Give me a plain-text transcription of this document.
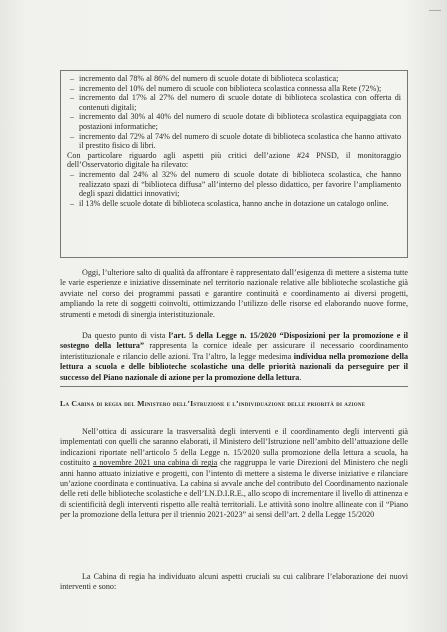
– incremento dal 78% al 86% del numero di scuole dotate di biblioteca scolastica;
– incremento del 10% del numero di scuole con biblioteca scolastica connessa alla Rete (72%);
– incremento dal 17% al 27% del numero di scuole dotate di biblioteca scolastica con offerta di contenuti digitali;
– incremento dal 30% al 40% del numero di scuole dotate di biblioteca scolastica equipaggiata con postazioni informatiche;
– incremento dal 72% al 74% del numero di scuole dotate di biblioteca scolastica che hanno attivato il prestito fisico di libri.

Con particolare riguardo agli aspetti più critici dell’azione #24 PNSD, il monitoraggio dell’Osservatorio digitale ha rilevato:

– incremento dal 24% al 32% del numero di scuole dotate di biblioteca scolastica, che hanno realizzato spazi di “biblioteca diffusa” all’interno del plesso didattico, per favorire l’ampliamento degli spazi didattici innovativi;
– il 13% delle scuole dotate di biblioteca scolastica, hanno anche in dotazione un catalogo online.

Oggi, l’ulteriore salto di qualità da affrontare è rappresentato dall’esigenza di mettere a sistema tutte le varie esperienze e iniziative disseminate nel territorio nazionale relative alle biblioteche scolastiche già avviate nel corso dei programmi passati e garantire continuità e coordinamento ai diversi progetti, ampliando la rete di soggetti coinvolti, ottimizzando l’utilizzo delle risorse ed elaborando nuove forme, strumenti e metodi di sinergia interistituzionale.

Da questo punto di vista l’art. 5 della Legge n. 15/2020 “Disposizioni per la promozione e il sostegno della lettura” rappresenta la cornice ideale per assicurare il necessario coordinamento interistituzionale e rilancio delle azioni. Tra l’altro, la legge medesima individua nella promozione della lettura a scuola e delle biblioteche scolastiche una delle priorità nazionali da perseguire per il successo del Piano nazionale di azione per la promozione della lettura.

La Cabina di regia del Ministero dell’Istruzione e l’individuazione delle priorità di azione

Nell’ottica di assicurare la trasversalità degli interventi e il coordinamento degli interventi già implementati con quelli che saranno elaborati, il Ministero dell’Istruzione nell’ambito dell’attuazione delle indicazioni riportate nell’articolo 5 della Legge n. 15/2020 sulla promozione della lettura a scuola, ha costituito a novembre 2021 una cabina di regia che raggruppa le varie Direzioni del Ministero che negli anni hanno attuato iniziative e progetti, con l’intento di mettere a sistema le diverse iniziative e rilanciare un’azione coordinata e continuativa. La cabina si avvale anche del contributo del Coordinamento nazionale delle reti delle biblioteche scolastiche e dell’I.N.D.I.R.E., allo scopo di incrementare il livello di attinenza e di scientificità degli interventi rispetto alle realtà territoriali. Le attività sono inoltre allineate con il “Piano per la promozione della lettura per il triennio 2021-2023” ai sensi dell’art. 2 della Legge 15/2020

La Cabina di regia ha individuato alcuni aspetti cruciali su cui calibrare l’elaborazione dei nuovi interventi e sono:
